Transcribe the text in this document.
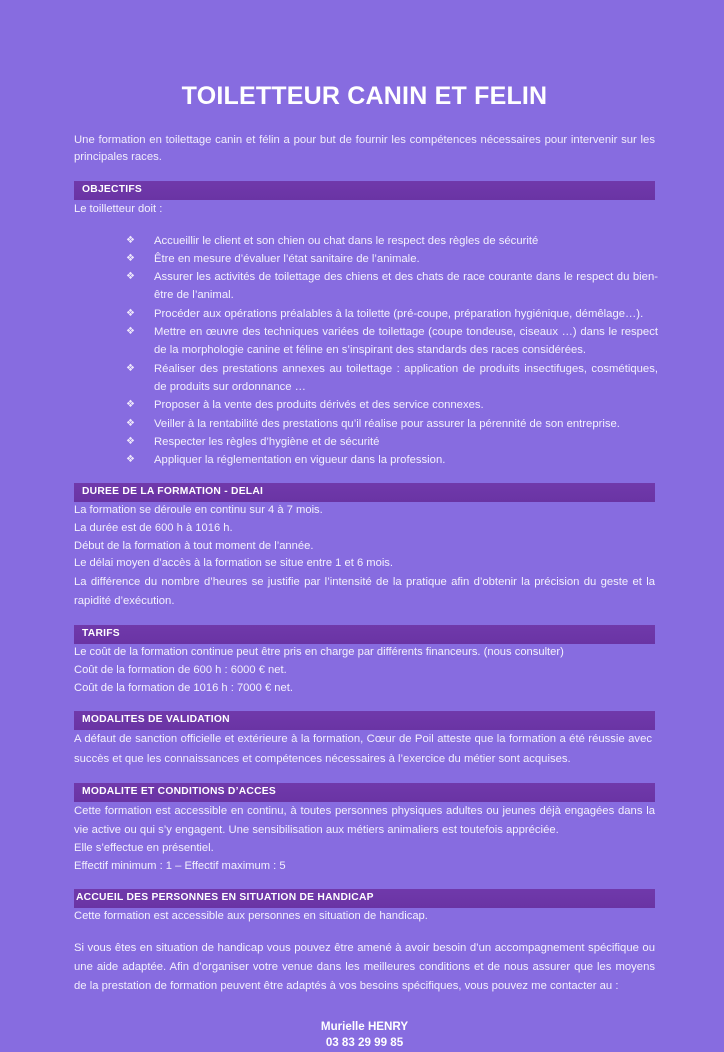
TOILETTEUR CANIN ET FELIN

Une formation en toilettage canin et félin a pour but de fournir les compétences nécessaires pour intervenir sur les principales races.

OBJECTIFS

Le toilletteur doit :

❖ Accueillir le client et son chien ou chat dans le respect des règles de sécurité
❖ Être en mesure d’évaluer l’état sanitaire de l’animale.
❖ Assurer les activités de toilettage des chiens et des chats de race courante dans le respect du bien-être de l’animal.
❖ Procéder aux opérations préalables à la toilette (pré-coupe, préparation hygiénique, démêlage…).
❖ Mettre en œuvre des techniques variées de toilettage (coupe tondeuse, ciseaux …) dans le respect de la morphologie canine et féline en s’inspirant des standards des races considérées.
❖ Réaliser des prestations annexes au toilettage : application de produits insectifuges, cosmétiques, de produits sur ordonnance …
❖ Proposer à la vente des produits dérivés et des service connexes.
❖ Veiller à la rentabilité des prestations qu’il réalise pour assurer la pérennité de son entreprise.
❖ Respecter les règles d’hygiène et de sécurité
❖ Appliquer la réglementation en vigueur dans la profession.
DUREE DE LA FORMATION - DELAI

La formation se déroule en continu sur 4 à 7 mois.

La durée est de 600 h à 1016 h.

Début de la formation à tout moment de l’année.

Le délai moyen d’accès à la formation se situe entre 1 et 6 mois.

La différence du nombre d’heures se justifie par l’intensité de la pratique afin d’obtenir la précision du geste et la rapidité d’exécution.

TARIFS

Le coût de la formation continue peut être pris en charge par différents financeurs. (nous consulter)

Coût de la formation de 600 h : 6000 € net.

Coût de la formation de 1016 h : 7000 € net.

MODALITES DE VALIDATION

A défaut de sanction officielle et extérieure à la formation, Cœur de Poil atteste que la formation a été réussie avec succès et que les connaissances et compétences nécessaires à l’exercice du métier sont acquises.

MODALITE ET CONDITIONS D’ACCES

Cette formation est accessible en continu, à toutes personnes physiques adultes ou jeunes déjà engagées dans la vie active ou qui s’y engagent. Une sensibilisation aux métiers animaliers est toutefois appréciée.

Elle s’effectue en présentiel.

Effectif minimum : 1 – Effectif maximum : 5

ACCUEIL DES PERSONNES EN SITUATION DE HANDICAP

Cette formation est accessible aux personnes en situation de handicap.

Si vous êtes en situation de handicap vous pouvez être amené à avoir besoin d’un accompagnement spécifique ou une aide adaptée. Afin d’organiser votre venue dans les meilleures conditions et de nous assurer que les moyens de la prestation de formation peuvent être adaptés à vos besoins spécifiques, vous pouvez me contacter au :

Murielle HENRY

03 83 29 99 85
